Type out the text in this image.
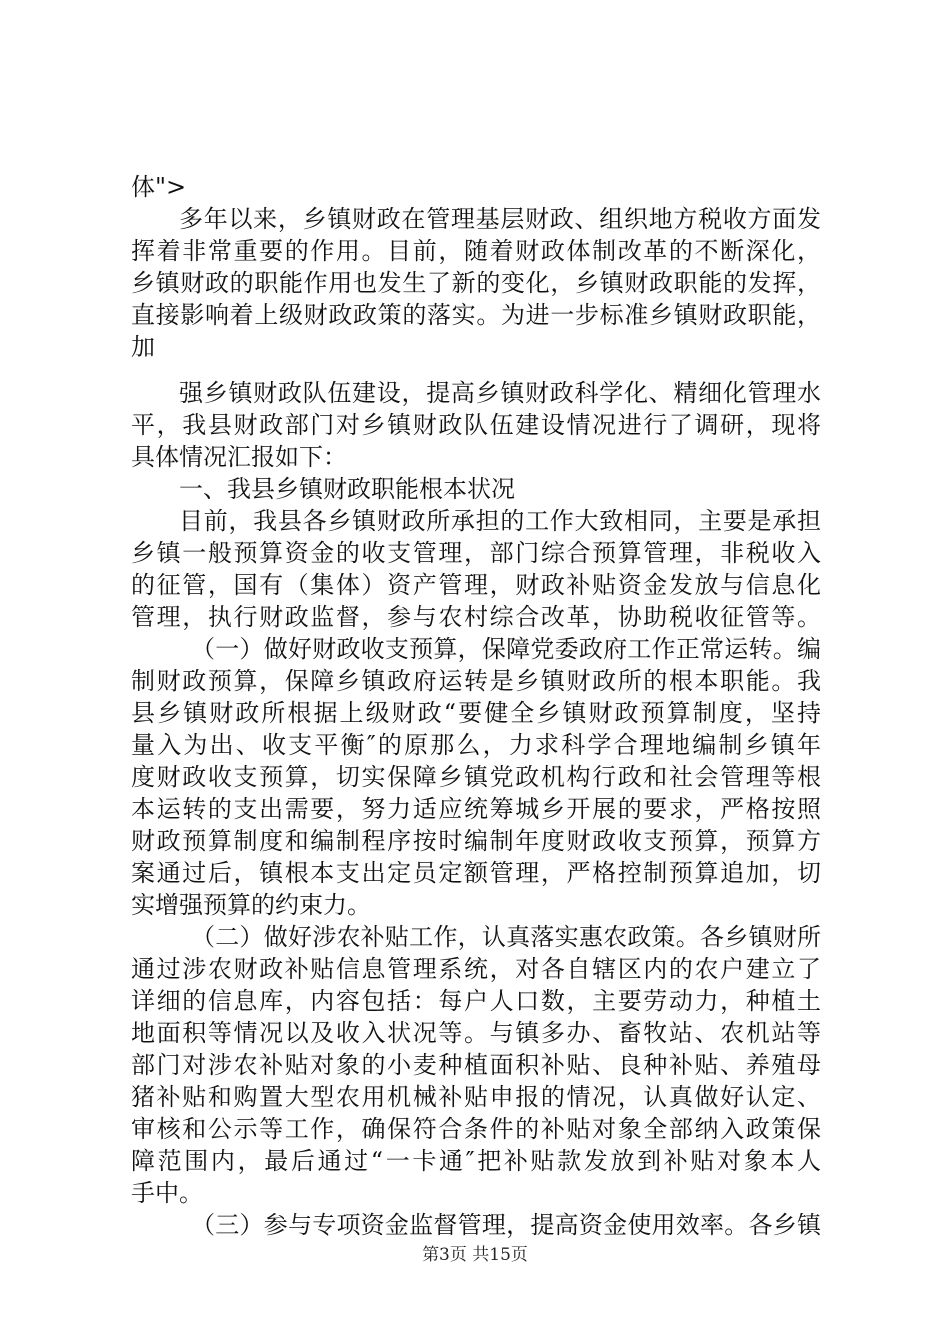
体">
多年以来，乡镇财政在管理基层财政、组织地方税收方面发
挥着非常重要的作用。目前，随着财政体制改革的不断深化，
乡镇财政的职能作用也发生了新的变化，乡镇财政职能的发挥，
直接影响着上级财政政策的落实。为进一步标准乡镇财政职能，
加
强乡镇财政队伍建设，提高乡镇财政科学化、精细化管理水
平，我县财政部门对乡镇财政队伍建设情况进行了调研，现将
具体情况汇报如下：
一、我县乡镇财政职能根本状况
目前，我县各乡镇财政所承担的工作大致相同，主要是承担
乡镇一般预算资金的收支管理，部门综合预算管理，非税收入
的征管，国有（集体）资产管理，财政补贴资金发放与信息化
管理，执行财政监督，参与农村综合改革，协助税收征管等。
（一）做好财政收支预算，保障党委政府工作正常运转。编
制财政预算，保障乡镇政府运转是乡镇财政所的根本职能。我
县乡镇财政所根据上级财政“要健全乡镇财政预算制度，坚持
量入为出、收支平衡″的原那么，力求科学合理地编制乡镇年
度财政收支预算，切实保障乡镇党政机构行政和社会管理等根
本运转的支出需要，努力适应统筹城乡开展的要求，严格按照
财政预算制度和编制程序按时编制年度财政收支预算，预算方
案通过后，镇根本支出定员定额管理，严格控制预算追加，切
实增强预算的约束力。
（二）做好涉农补贴工作，认真落实惠农政策。各乡镇财所
通过涉农财政补贴信息管理系统，对各自辖区内的农户建立了
详细的信息库，内容包括：每户人口数，主要劳动力，种植土
地面积等情况以及收入状况等。与镇多办、畜牧站、农机站等
部门对涉农补贴对象的小麦种植面积补贴、良种补贴、养殖母
猪补贴和购置大型农用机械补贴申报的情况，认真做好认定、
审核和公示等工作，确保符合条件的补贴对象全部纳入政策保
障范围内，最后通过“一卡通″把补贴款发放到补贴对象本人
手中。
（三）参与专项资金监督管理，提高资金使用效率。各乡镇
第3页 共15页
